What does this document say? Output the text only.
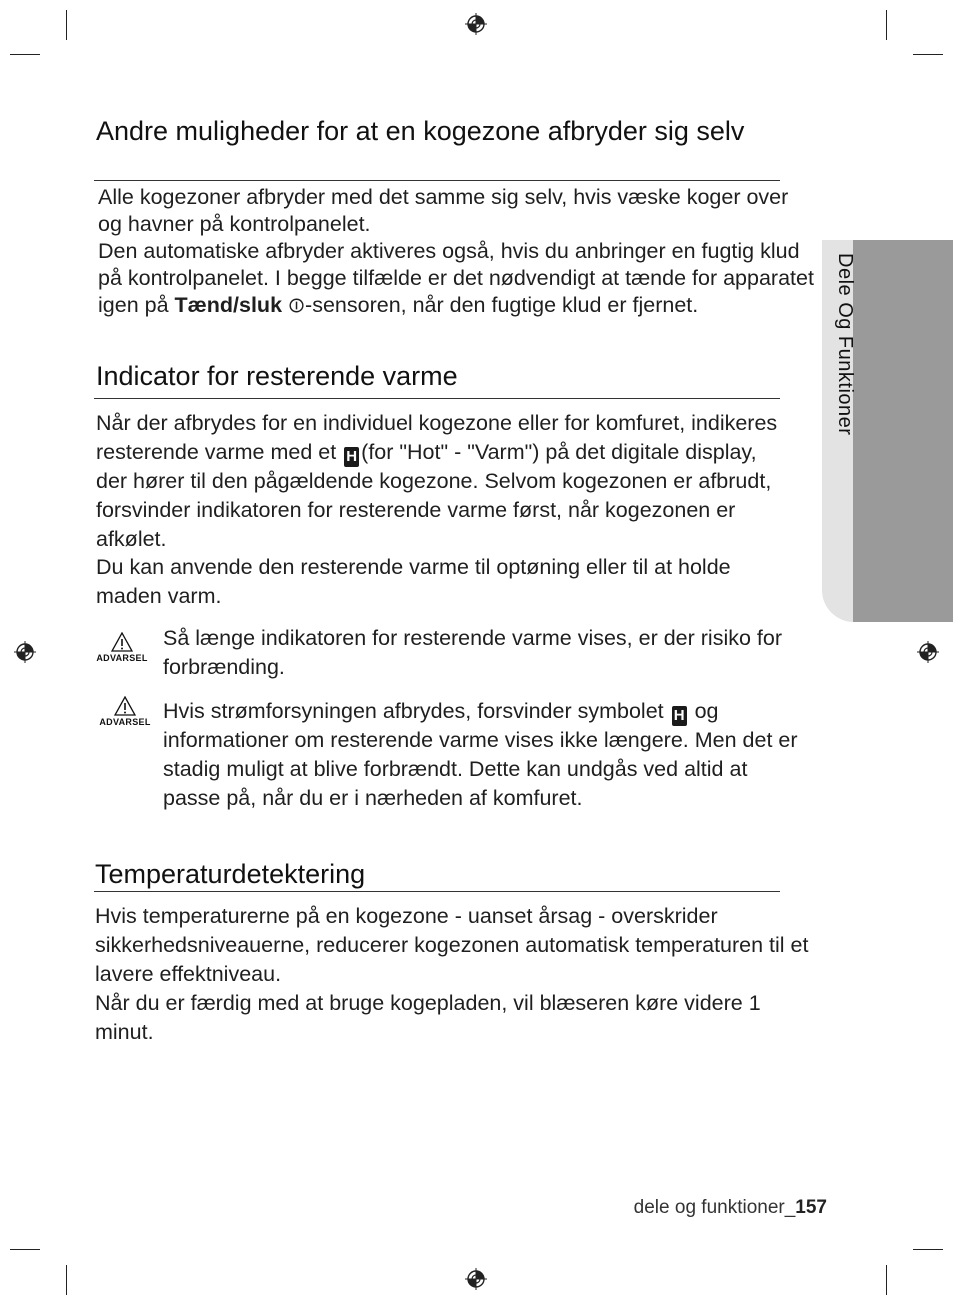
Dele Og Funktioner
Andre muligheder for at en kogezone afbryder sig selv

Alle kogezoner afbryder med det samme sig selv, hvis væske koger over og havner på kontrolpanelet.

Den automatiske afbryder aktiveres også, hvis du anbringer en fugtig klud på kontrolpanelet. I begge tilfælde er det nødvendigt at tænde for apparatet igen på Tænd/sluk ⏼-sensoren, når den fugtige klud er fjernet.

Indicator for resterende varme

Når der afbrydes for en individuel kogezone eller for komfuret, indikeres resterende varme med et H (for "Hot" - "Varm") på det digitale display, der hører til den pågældende kogezone. Selvom kogezonen er afbrudt, forsvinder indikatoren for resterende varme først, når kogezonen er afkølet.

Du kan anvende den resterende varme til optøning eller til at holde maden varm.

ADVARSEL

Så længe indikatoren for resterende varme vises, er der risiko for forbrænding.

ADVARSEL Hvis strømforsyningen afbrydes, forsvinder symbolet H og informationer om resterende varme vises ikke længere. Men det er stadig muligt at blive forbrændt. Dette kan undgås ved altid at passe på, når du er i nærheden af komfuret.

Temperaturdetektering

Hvis temperaturerne på en kogezone - uanset årsag - overskrider sikkerhedsniveauerne, reducerer kogezonen automatisk temperaturen til et lavere effektniveau.

Når du er færdig med at bruge kogepladen, vil blæseren køre videre 1 minut.

dele og funktioner_157
